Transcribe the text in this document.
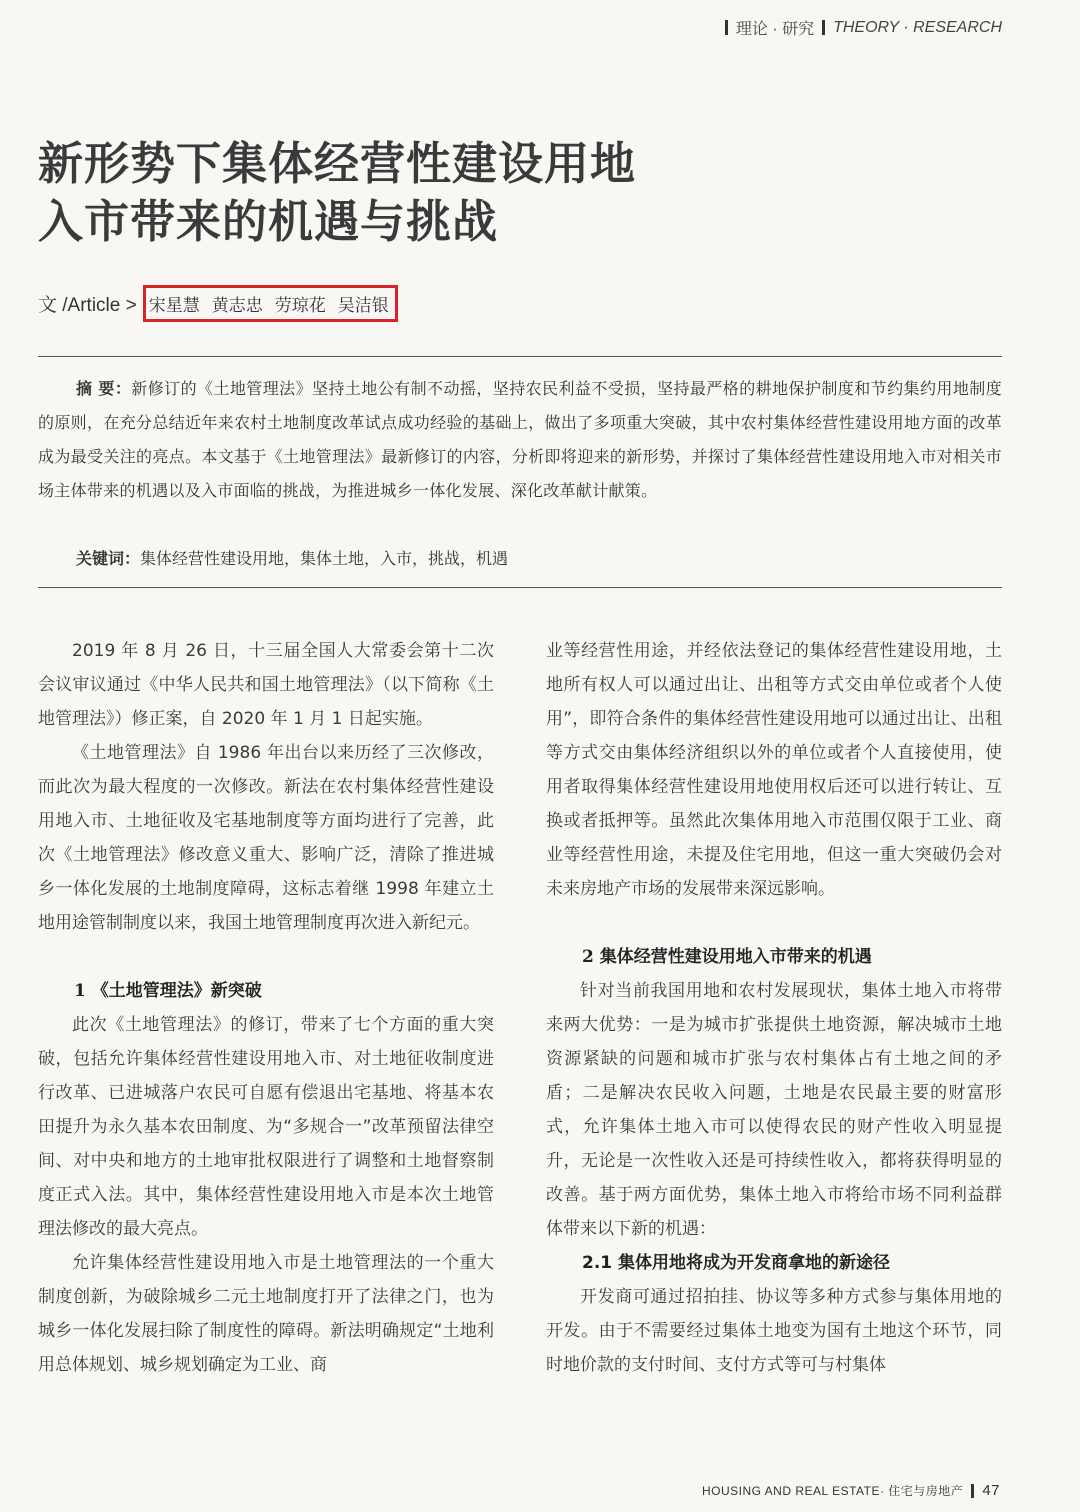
理论 · 研究 THEORY · RESEARCH
新形势下集体经营性建设用地
入市带来的机遇与挑战
文 /Article > 宋星慧 黄志忠 劳琼花 吴洁银
摘 要：新修订的《土地管理法》坚持土地公有制不动摇，坚持农民利益不受损，坚持最严格的耕地保护制度和节约集约用地制度的原则，在充分总结近年来农村土地制度改革试点成功经验的基础上，做出了多项重大突破，其中农村集体经营性建设用地方面的改革成为最受关注的亮点。本文基于《土地管理法》最新修订的内容，分析即将迎来的新形势，并探讨了集体经营性建设用地入市对相关市场主体带来的机遇以及入市面临的挑战，为推进城乡一体化发展、深化改革献计献策。
关键词：集体经营性建设用地，集体土地，入市，挑战，机遇

2019 年 8 月 26 日，十三届全国人大常委会第十二次会议审议通过《中华人民共和国土地管理法》（以下简称《土地管理法》）修正案，自 2020 年 1 月 1 日起实施。

《土地管理法》自 1986 年出台以来历经了三次修改，而此次为最大程度的一次修改。新法在农村集体经营性建设用地入市、土地征收及宅基地制度等方面均进行了完善，此次《土地管理法》修改意义重大、影响广泛，清除了推进城乡一体化发展的土地制度障碍，这标志着继 1998 年建立土地用途管制制度以来，我国土地管理制度再次进入新纪元。

1 《土地管理法》新突破

此次《土地管理法》的修订，带来了七个方面的重大突破，包括允许集体经营性建设用地入市、对土地征收制度进行改革、已进城落户农民可自愿有偿退出宅基地、将基本农田提升为永久基本农田制度、为“多规合一”改革预留法律空间、对中央和地方的土地审批权限进行了调整和土地督察制度正式入法。其中，集体经营性建设用地入市是本次土地管理法修改的最大亮点。

允许集体经营性建设用地入市是土地管理法的一个重大制度创新，为破除城乡二元土地制度打开了法律之门，也为城乡一体化发展扫除了制度性的障碍。新法明确规定“土地利用总体规划、城乡规划确定为工业、商

业等经营性用途，并经依法登记的集体经营性建设用地，土地所有权人可以通过出让、出租等方式交由单位或者个人使用”，即符合条件的集体经营性建设用地可以通过出让、出租等方式交由集体经济组织以外的单位或者个人直接使用，使用者取得集体经营性建设用地使用权后还可以进行转让、互换或者抵押等。虽然此次集体用地入市范围仅限于工业、商业等经营性用途，未提及住宅用地，但这一重大突破仍会对未来房地产市场的发展带来深远影响。

2 集体经营性建设用地入市带来的机遇

针对当前我国用地和农村发展现状，集体土地入市将带来两大优势：一是为城市扩张提供土地资源，解决城市土地资源紧缺的问题和城市扩张与农村集体占有土地之间的矛盾；二是解决农民收入问题，土地是农民最主要的财富形式，允许集体土地入市可以使得农民的财产性收入明显提升，无论是一次性收入还是可持续性收入，都将获得明显的改善。基于两方面优势，集体土地入市将给市场不同利益群体带来以下新的机遇：

2.1 集体用地将成为开发商拿地的新途径

开发商可通过招拍挂、协议等多种方式参与集体用地的开发。由于不需要经过集体土地变为国有土地这个环节，同时地价款的支付时间、支付方式等可与村集体

HOUSING AND REAL ESTATE · 住宅与房地产 47
